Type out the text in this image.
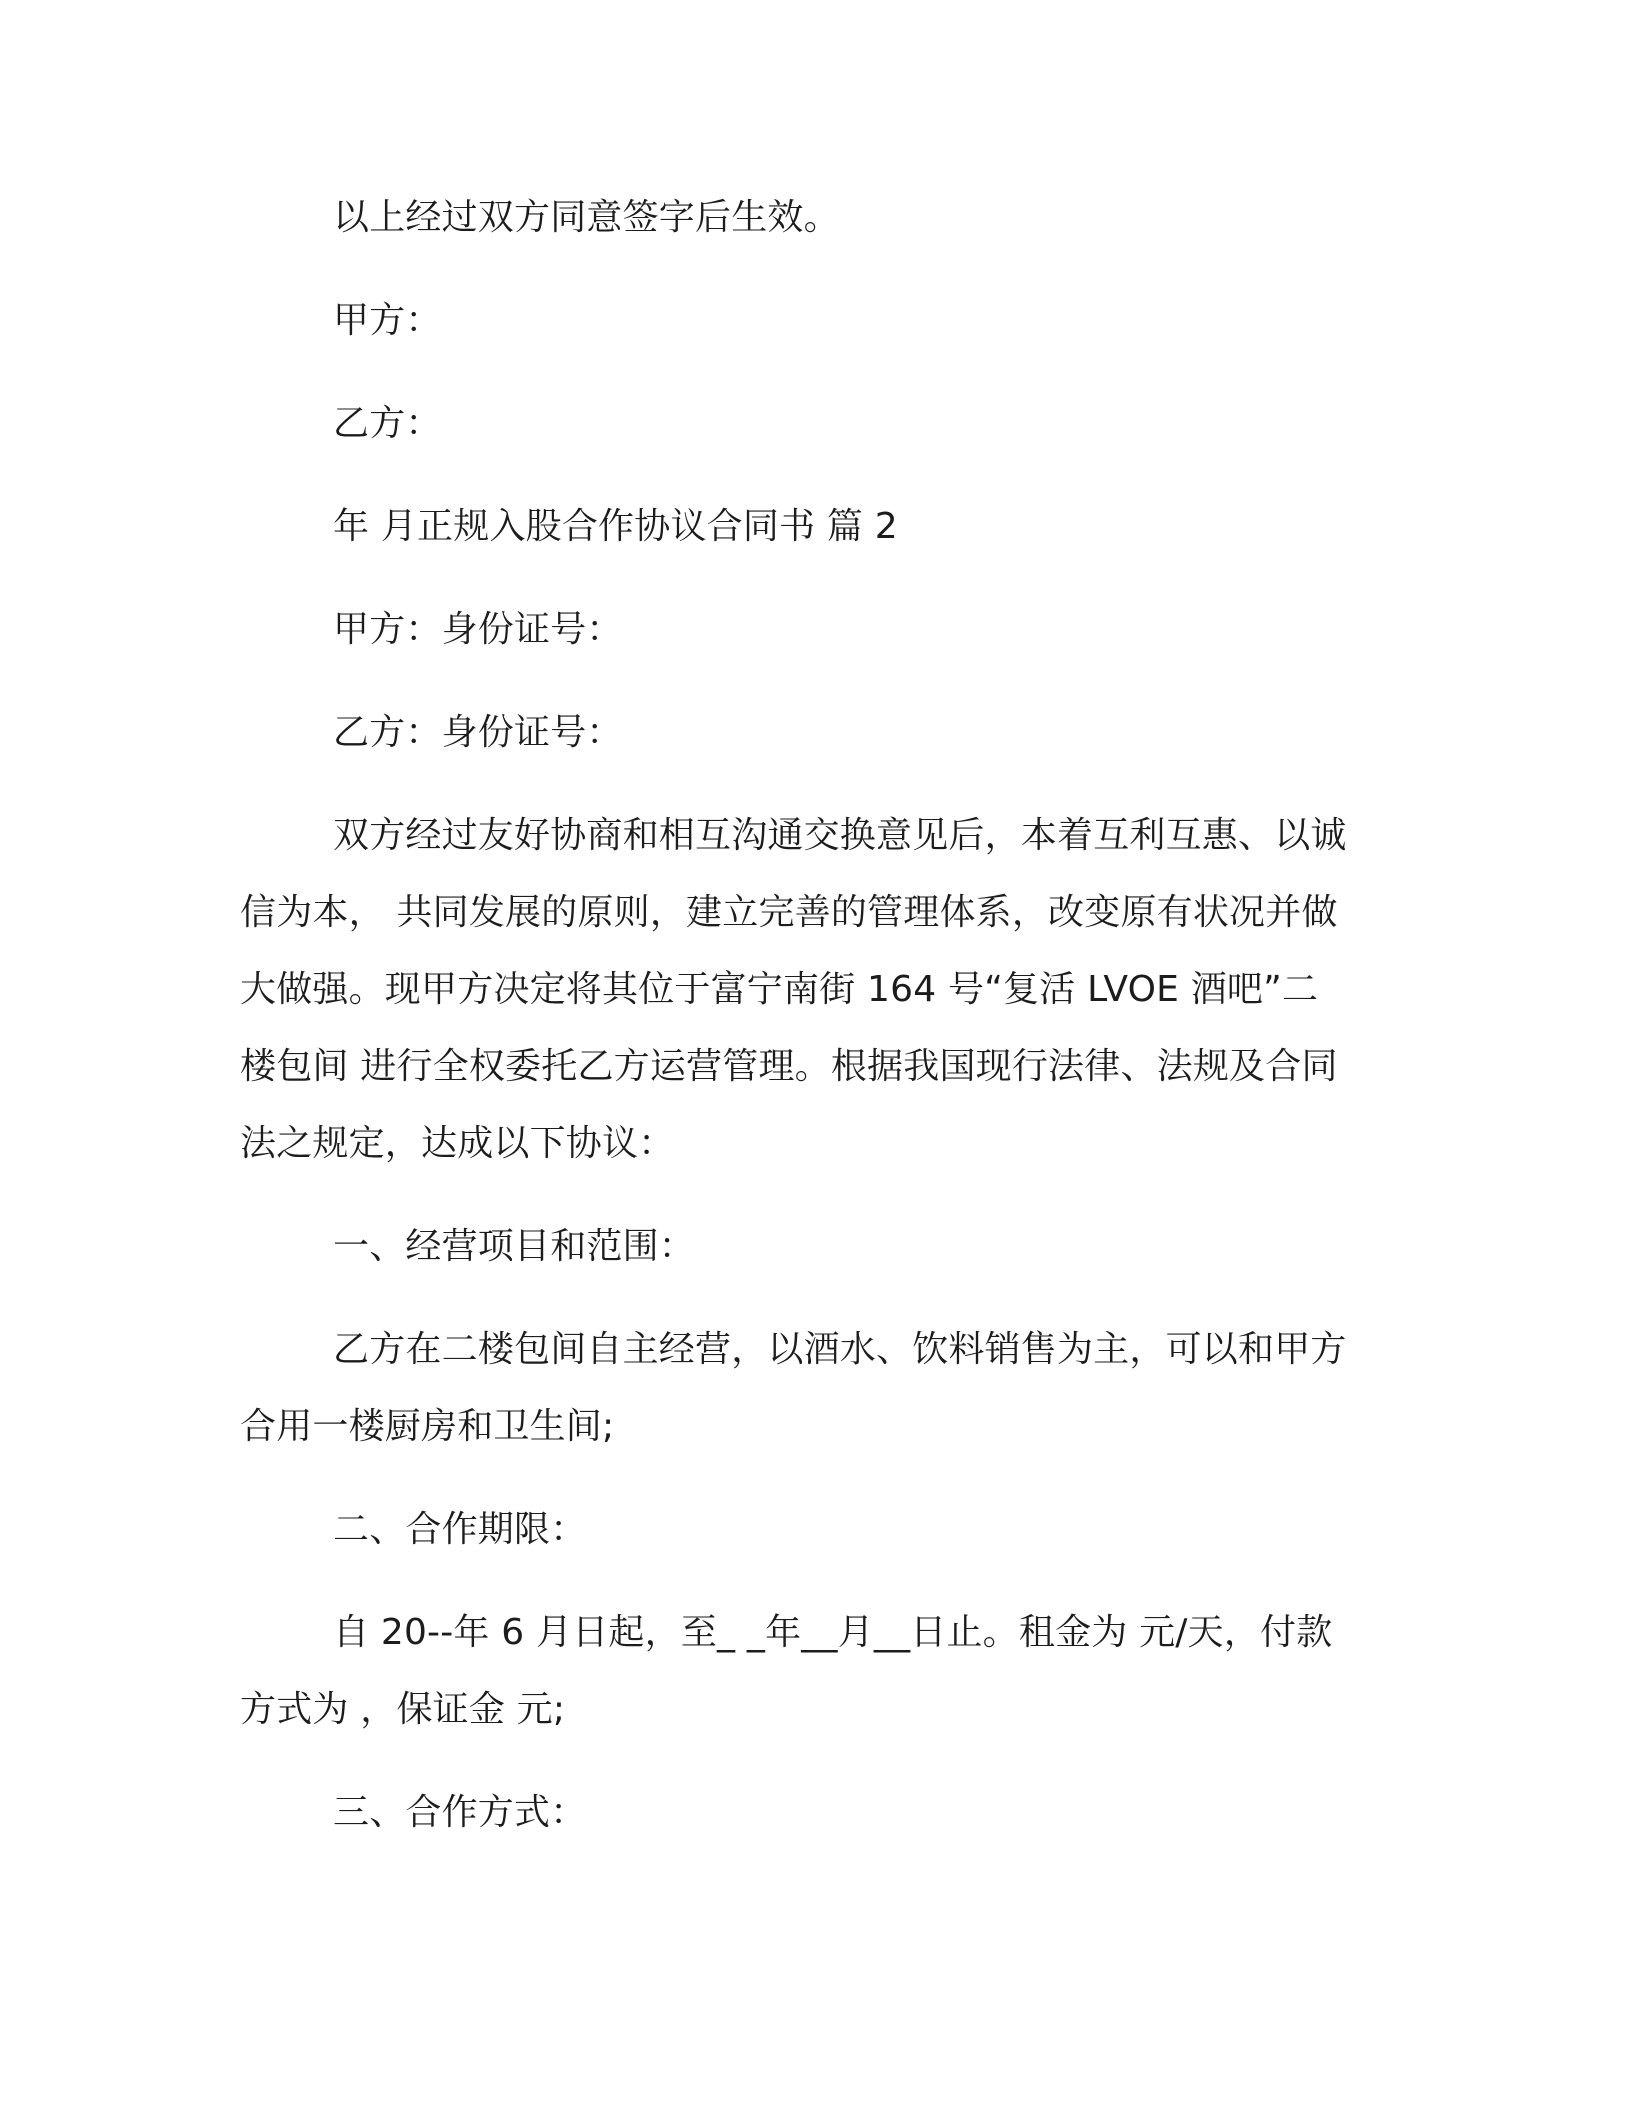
以上经过双方同意签字后生效。
甲方：
乙方：
年 月正规入股合作协议合同书 篇 2
甲方：身份证号：
乙方：身份证号：
双方经过友好协商和相互沟通交换意见后，本着互利互惠、以诚
信为本， 共同发展的原则，建立完善的管理体系，改变原有状况并做
大做强。现甲方决定将其位于富宁南街 164 号“复活 LVOE 酒吧”二
楼包间 进行全权委托乙方运营管理。根据我国现行法律、法规及合同
法之规定，达成以下协议：
一、经营项目和范围：
乙方在二楼包间自主经营，以酒水、饮料销售为主，可以和甲方
合用一楼厨房和卫生间;
二、合作期限：
自 20--年 6 月日起，至_ _年__月__日止。租金为 元/天，付款
方式为 ，保证金 元;
三、合作方式：
